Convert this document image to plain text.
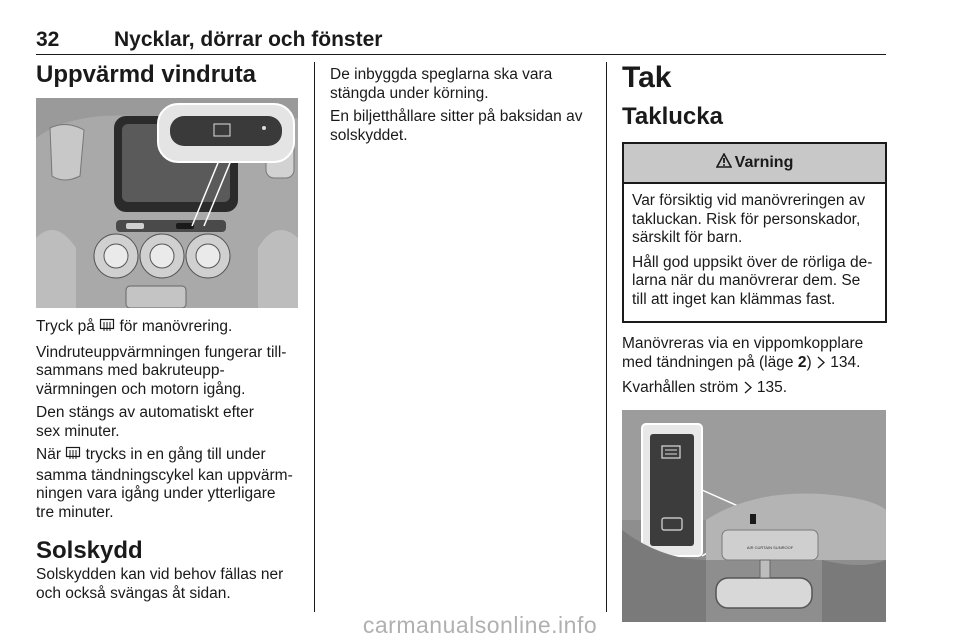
32	Nycklar, dörrar och fönster
Uppvärmd vindruta

Tryck på för manövrering.

Vindruteuppvärmningen fungerar till-
sammans med bakruteupp-
värmningen och motorn igång.

Den stängs av automatiskt efter
sex minuter.

När trycks in en gång till under
samma tändningscykel kan uppvärm-
ningen vara igång under ytterligare
tre minuter.

Solskydd

Solskydden kan vid behov fällas ner
och också svängas åt sidan.

De inbyggda speglarna ska vara
stängda under körning.

En biljetthållare sitter på baksidan av
solskyddet.

Tak
Taklucka
Varning

Var försiktig vid manövreringen av
takluckan. Risk för personskador,
särskilt för barn.

Håll god uppsikt över de rörliga de-
larna när du manövrerar dem. Se
till att inget kan klämmas fast.

Manövreras via en vippomkopplare
med tändningen på (läge 2)  134.

Kvarhållen ström  135.

AIR CURTAIN SUNROOF
carmanualsonline.info
